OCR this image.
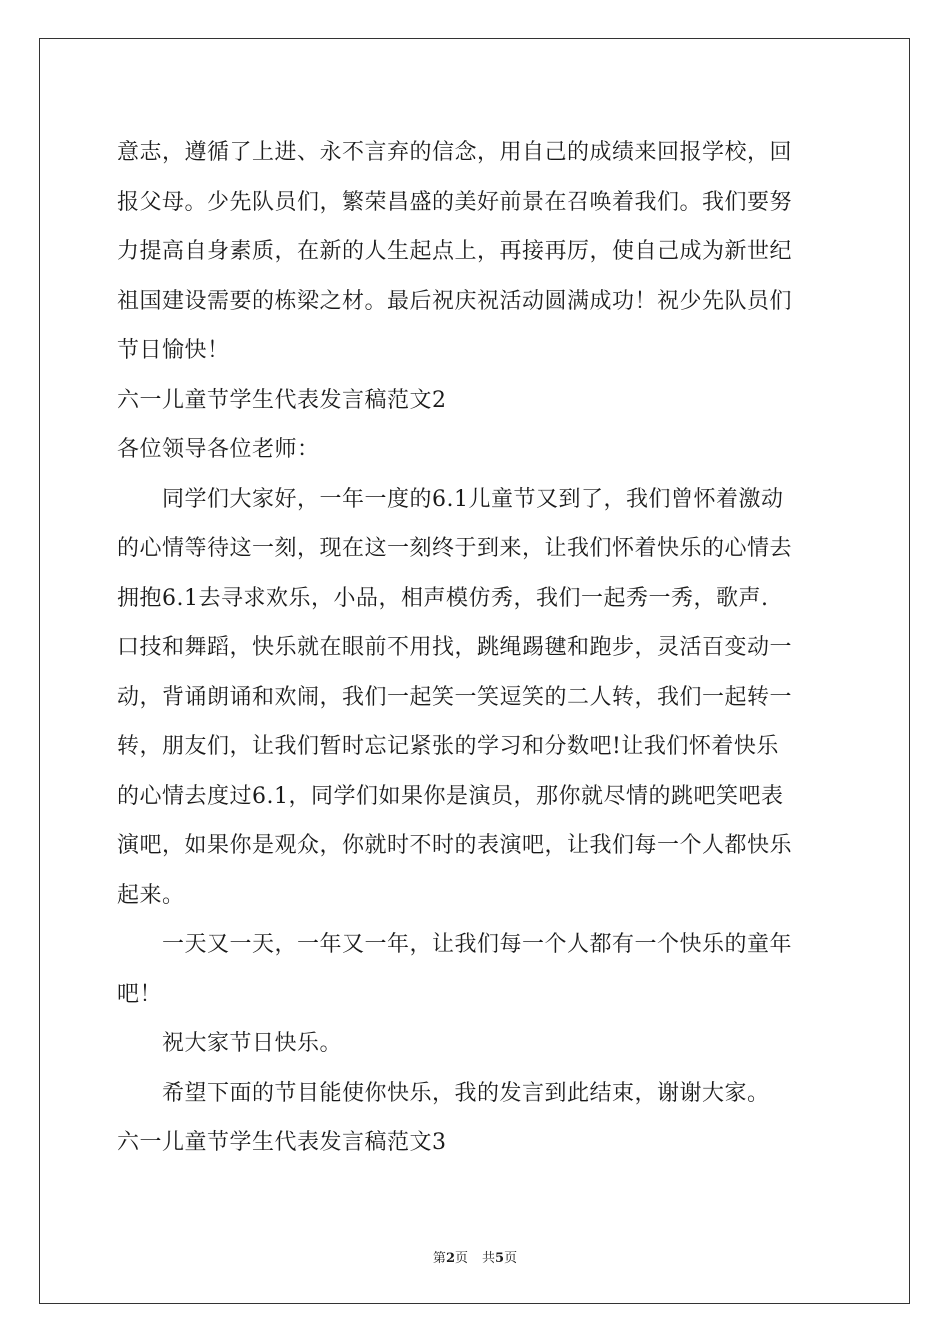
意志，遵循了上进、永不言弃的信念，用自己的成绩来回报学校，回
报父母。少先队员们，繁荣昌盛的美好前景在召唤着我们。我们要努
力提高自身素质，在新的人生起点上，再接再厉，使自己成为新世纪
祖国建设需要的栋梁之材。最后祝庆祝活动圆满成功！祝少先队员们
节日愉快！
六一儿童节学生代表发言稿范文2
各位领导各位老师：
同学们大家好，一年一度的6.1儿童节又到了，我们曾怀着激动
的心情等待这一刻，现在这一刻终于到来，让我们怀着快乐的心情去
拥抱6.1去寻求欢乐，小品，相声模仿秀，我们一起秀一秀，歌声.
口技和舞蹈，快乐就在眼前不用找，跳绳踢毽和跑步，灵活百变动一
动，背诵朗诵和欢闹，我们一起笑一笑逗笑的二人转，我们一起转一
转，朋友们，让我们暂时忘记紧张的学习和分数吧!让我们怀着快乐
的心情去度过6.1，同学们如果你是演员，那你就尽情的跳吧笑吧表
演吧，如果你是观众，你就时不时的表演吧，让我们每一个人都快乐
起来。
一天又一天，一年又一年，让我们每一个人都有一个快乐的童年
吧！
祝大家节日快乐。
希望下面的节目能使你快乐，我的发言到此结束，谢谢大家。
六一儿童节学生代表发言稿范文3
第2页 共5页
